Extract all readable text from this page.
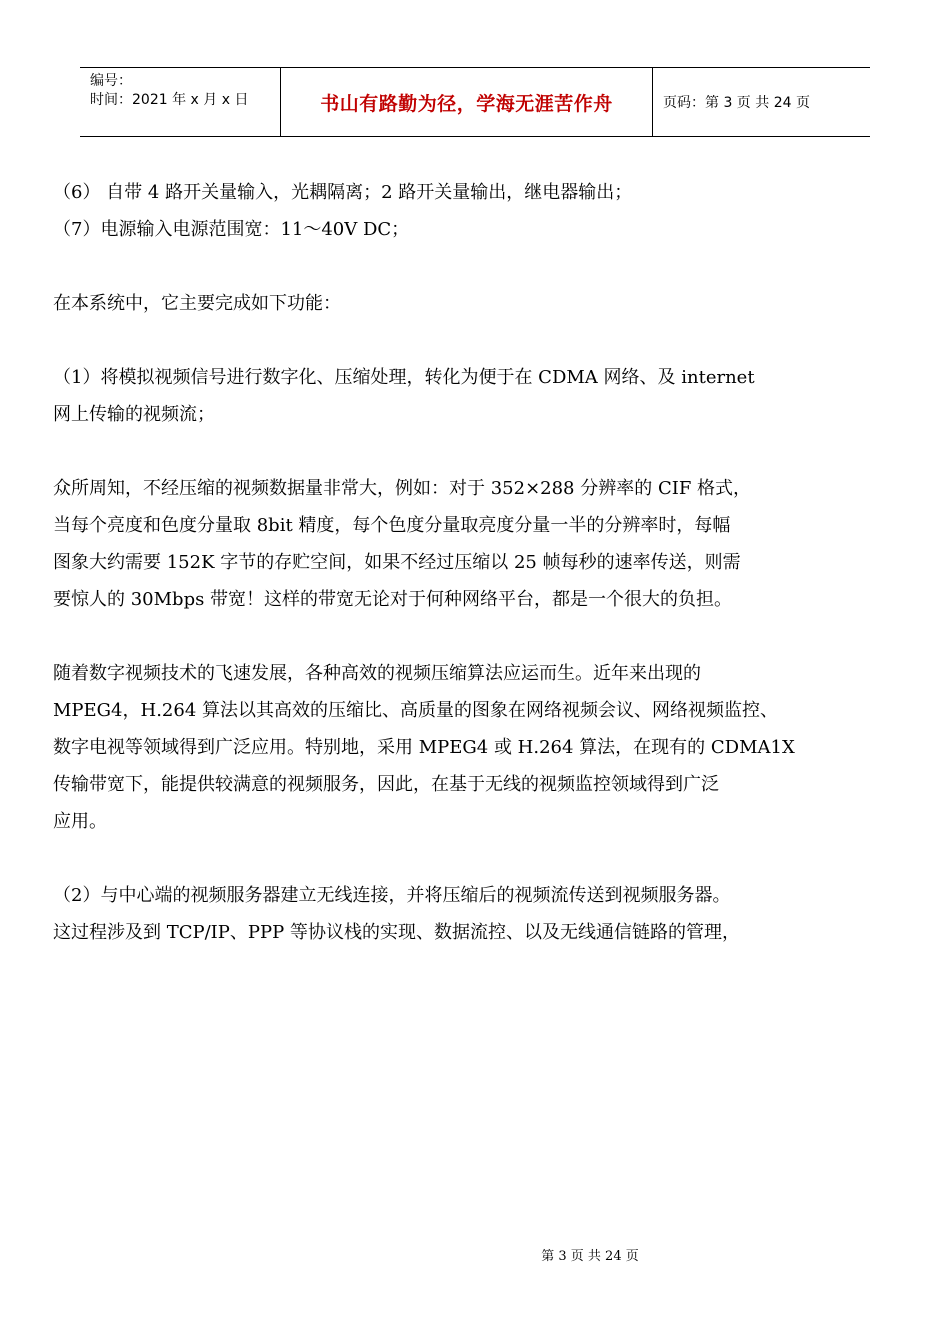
编号：
时间：2021 年 x 月 x 日	书山有路勤为径，学海无涯苦作舟	页码：第 3 页 共 24 页
（6） 自带 4 路开关量输入，光耦隔离；2 路开关量输出，继电器输出；
（7）电源输入电源范围宽：11～40V DC；
在本系统中，它主要完成如下功能：
（1）将模拟视频信号进行数字化、压缩处理，转化为便于在 CDMA 网络、及 internet
网上传输的视频流；
众所周知，不经压缩的视频数据量非常大，例如：对于 352×288 分辨率的 CIF 格式，
当每个亮度和色度分量取 8bit 精度，每个色度分量取亮度分量一半的分辨率时，每幅
图象大约需要 152K 字节的存贮空间，如果不经过压缩以 25 帧每秒的速率传送，则需
要惊人的 30Mbps 带宽！这样的带宽无论对于何种网络平台，都是一个很大的负担。
随着数字视频技术的飞速发展，各种高效的视频压缩算法应运而生。近年来出现的
MPEG4，H.264 算法以其高效的压缩比、高质量的图象在网络视频会议、网络视频监控、
数字电视等领域得到广泛应用。特别地，采用 MPEG4 或 H.264 算法，在现有的 CDMA1X
传输带宽下，能提供较满意的视频服务，因此，在基于无线的视频监控领域得到广泛
应用。
（2）与中心端的视频服务器建立无线连接，并将压缩后的视频流传送到视频服务器。
这过程涉及到 TCP/IP、PPP 等协议栈的实现、数据流控、以及无线通信链路的管理，
第 3 页 共 24 页
